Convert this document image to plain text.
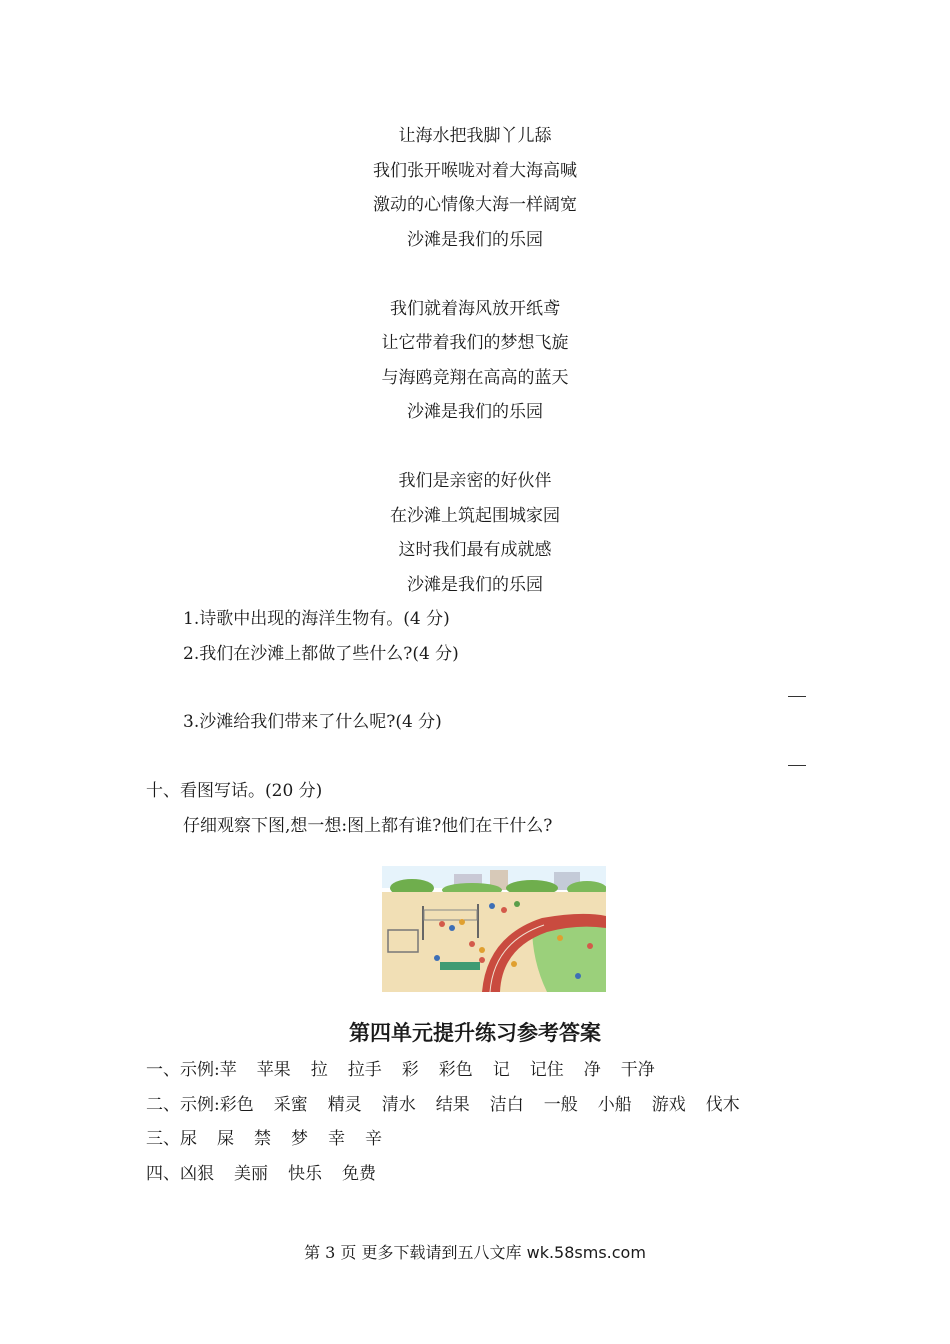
让海水把我脚丫儿舔
我们张开喉咙对着大海高喊
激动的心情像大海一样阔宽
沙滩是我们的乐园
我们就着海风放开纸鸢
让它带着我们的梦想飞旋
与海鸥竞翔在高高的蓝天
沙滩是我们的乐园
我们是亲密的好伙伴
在沙滩上筑起围城家园
这时我们最有成就感
沙滩是我们的乐园
1.诗歌中出现的海洋生物有。(4 分)
2.我们在沙滩上都做了些什么?(4 分)
3.沙滩给我们带来了什么呢?(4 分)
十、看图写话。(20 分)
仔细观察下图,想一想:图上都有谁?他们在干什么?
第四单元提升练习参考答案
一、示例:苹 苹果 拉 拉手 彩 彩色 记 记住 净 干净
二、示例:彩色 采蜜 精灵 清水 结果 洁白 一般 小船 游戏 伐木
三、尿 屎 禁 梦 幸 辛
四、凶狠 美丽 快乐 免费
第 3 页 更多下载请到五八文库 wk.58sms.com
